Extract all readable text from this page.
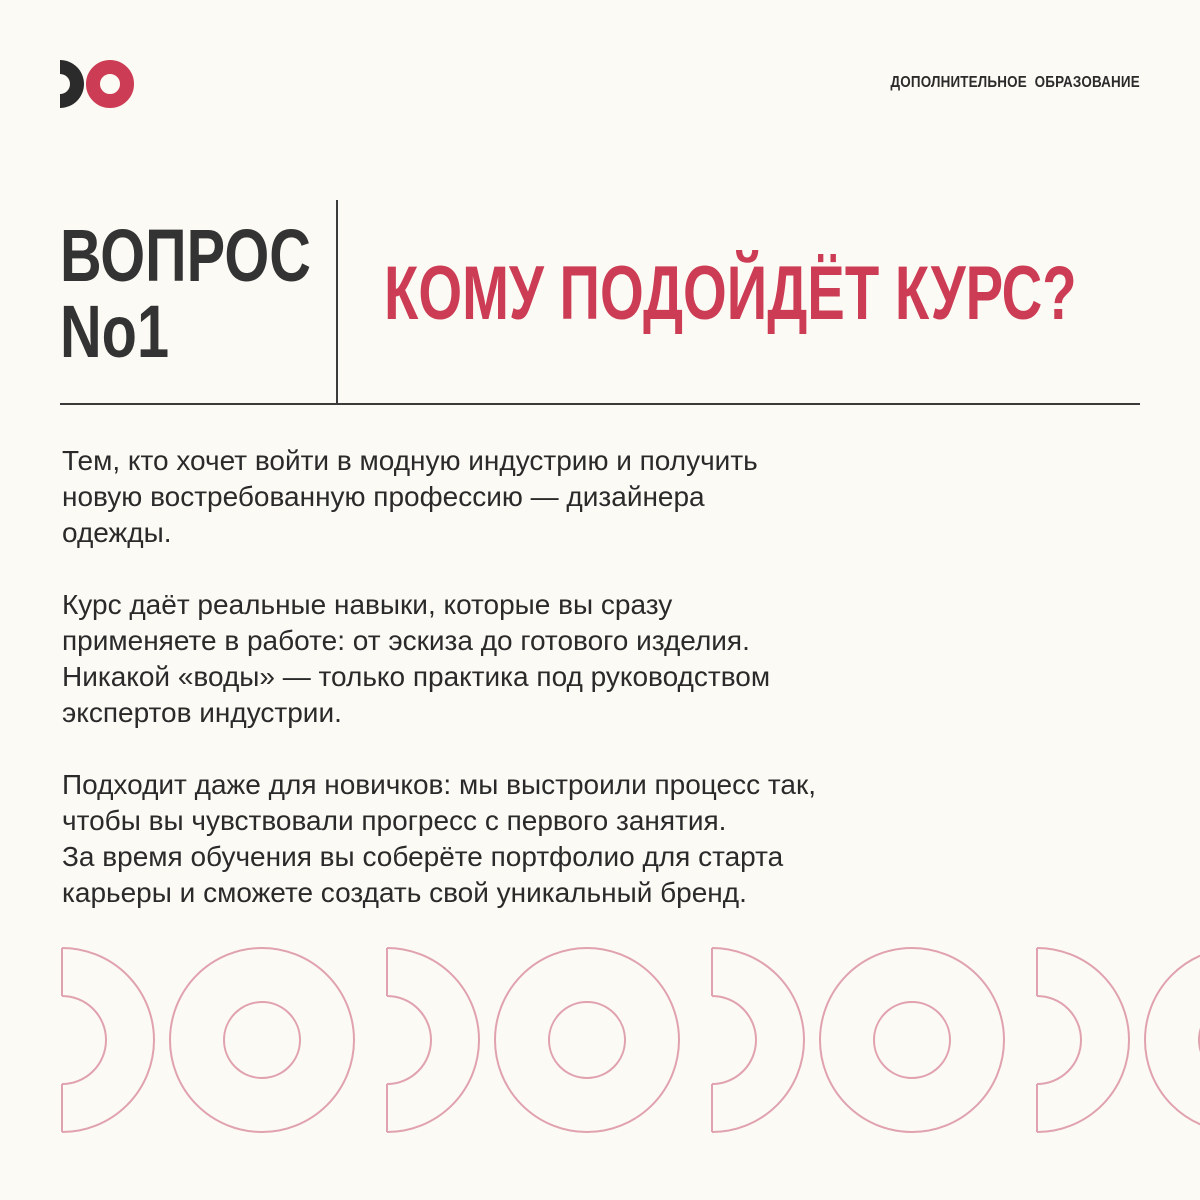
ДОПОЛНИТЕЛЬНОЕ  ОБРАЗОВАНИЕ
ВОПРОС
No1	КОМУ ПОДОЙДЁТ КУРС?

Тем, кто хочет войти в модную индустрию и получить
новую востребованную профессию — дизайнера
одежды.

Курс даёт реальные навыки, которые вы сразу
применяете в работе: от эскиза до готового изделия.
Никакой «воды» — только практика под руководством
экспертов индустрии.

Подходит даже для новичков: мы выстроили процесс так,
чтобы вы чувствовали прогресс с первого занятия.
За время обучения вы соберёте портфолио для старта
карьеры и сможете создать свой уникальный бренд.
